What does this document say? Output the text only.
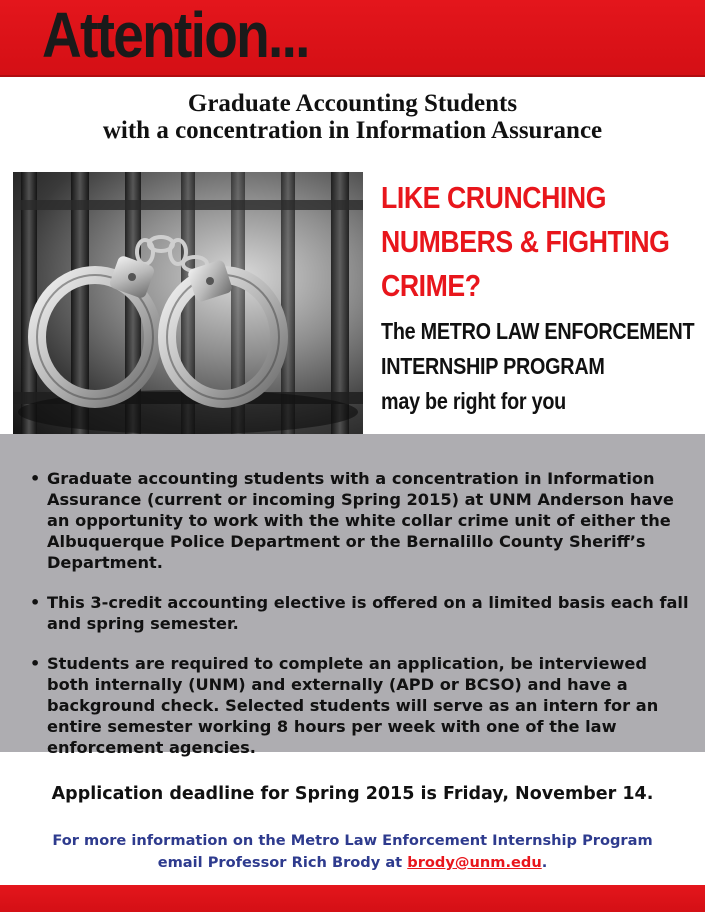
Attention...
Graduate Accounting Students
with a concentration in Information Assurance
LIKE CRUNCHING
NUMBERS & FIGHTING
CRIME?
The METRO LAW ENFORCEMENT
INTERNSHIP PROGRAM
may be right for you
• Graduate accounting students with a concentration in Information Assurance (current or incoming Spring 2015) at UNM Anderson have an opportunity to work with the white collar crime unit of either the Albuquerque Police Department or the Bernalillo County Sheriff’s Department.
• This 3-credit accounting elective is offered on a limited basis each fall and spring semester.
• Students are required to complete an application, be interviewed both internally (UNM) and externally (APD or BCSO) and have a background check. Selected students will serve as an intern for an entire semester working 8 hours per week with one of the law enforcement agencies.
Application deadline for Spring 2015 is Friday, November 14.
For more information on the Metro Law Enforcement Internship Program
email Professor Rich Brody at brody@unm.edu.
